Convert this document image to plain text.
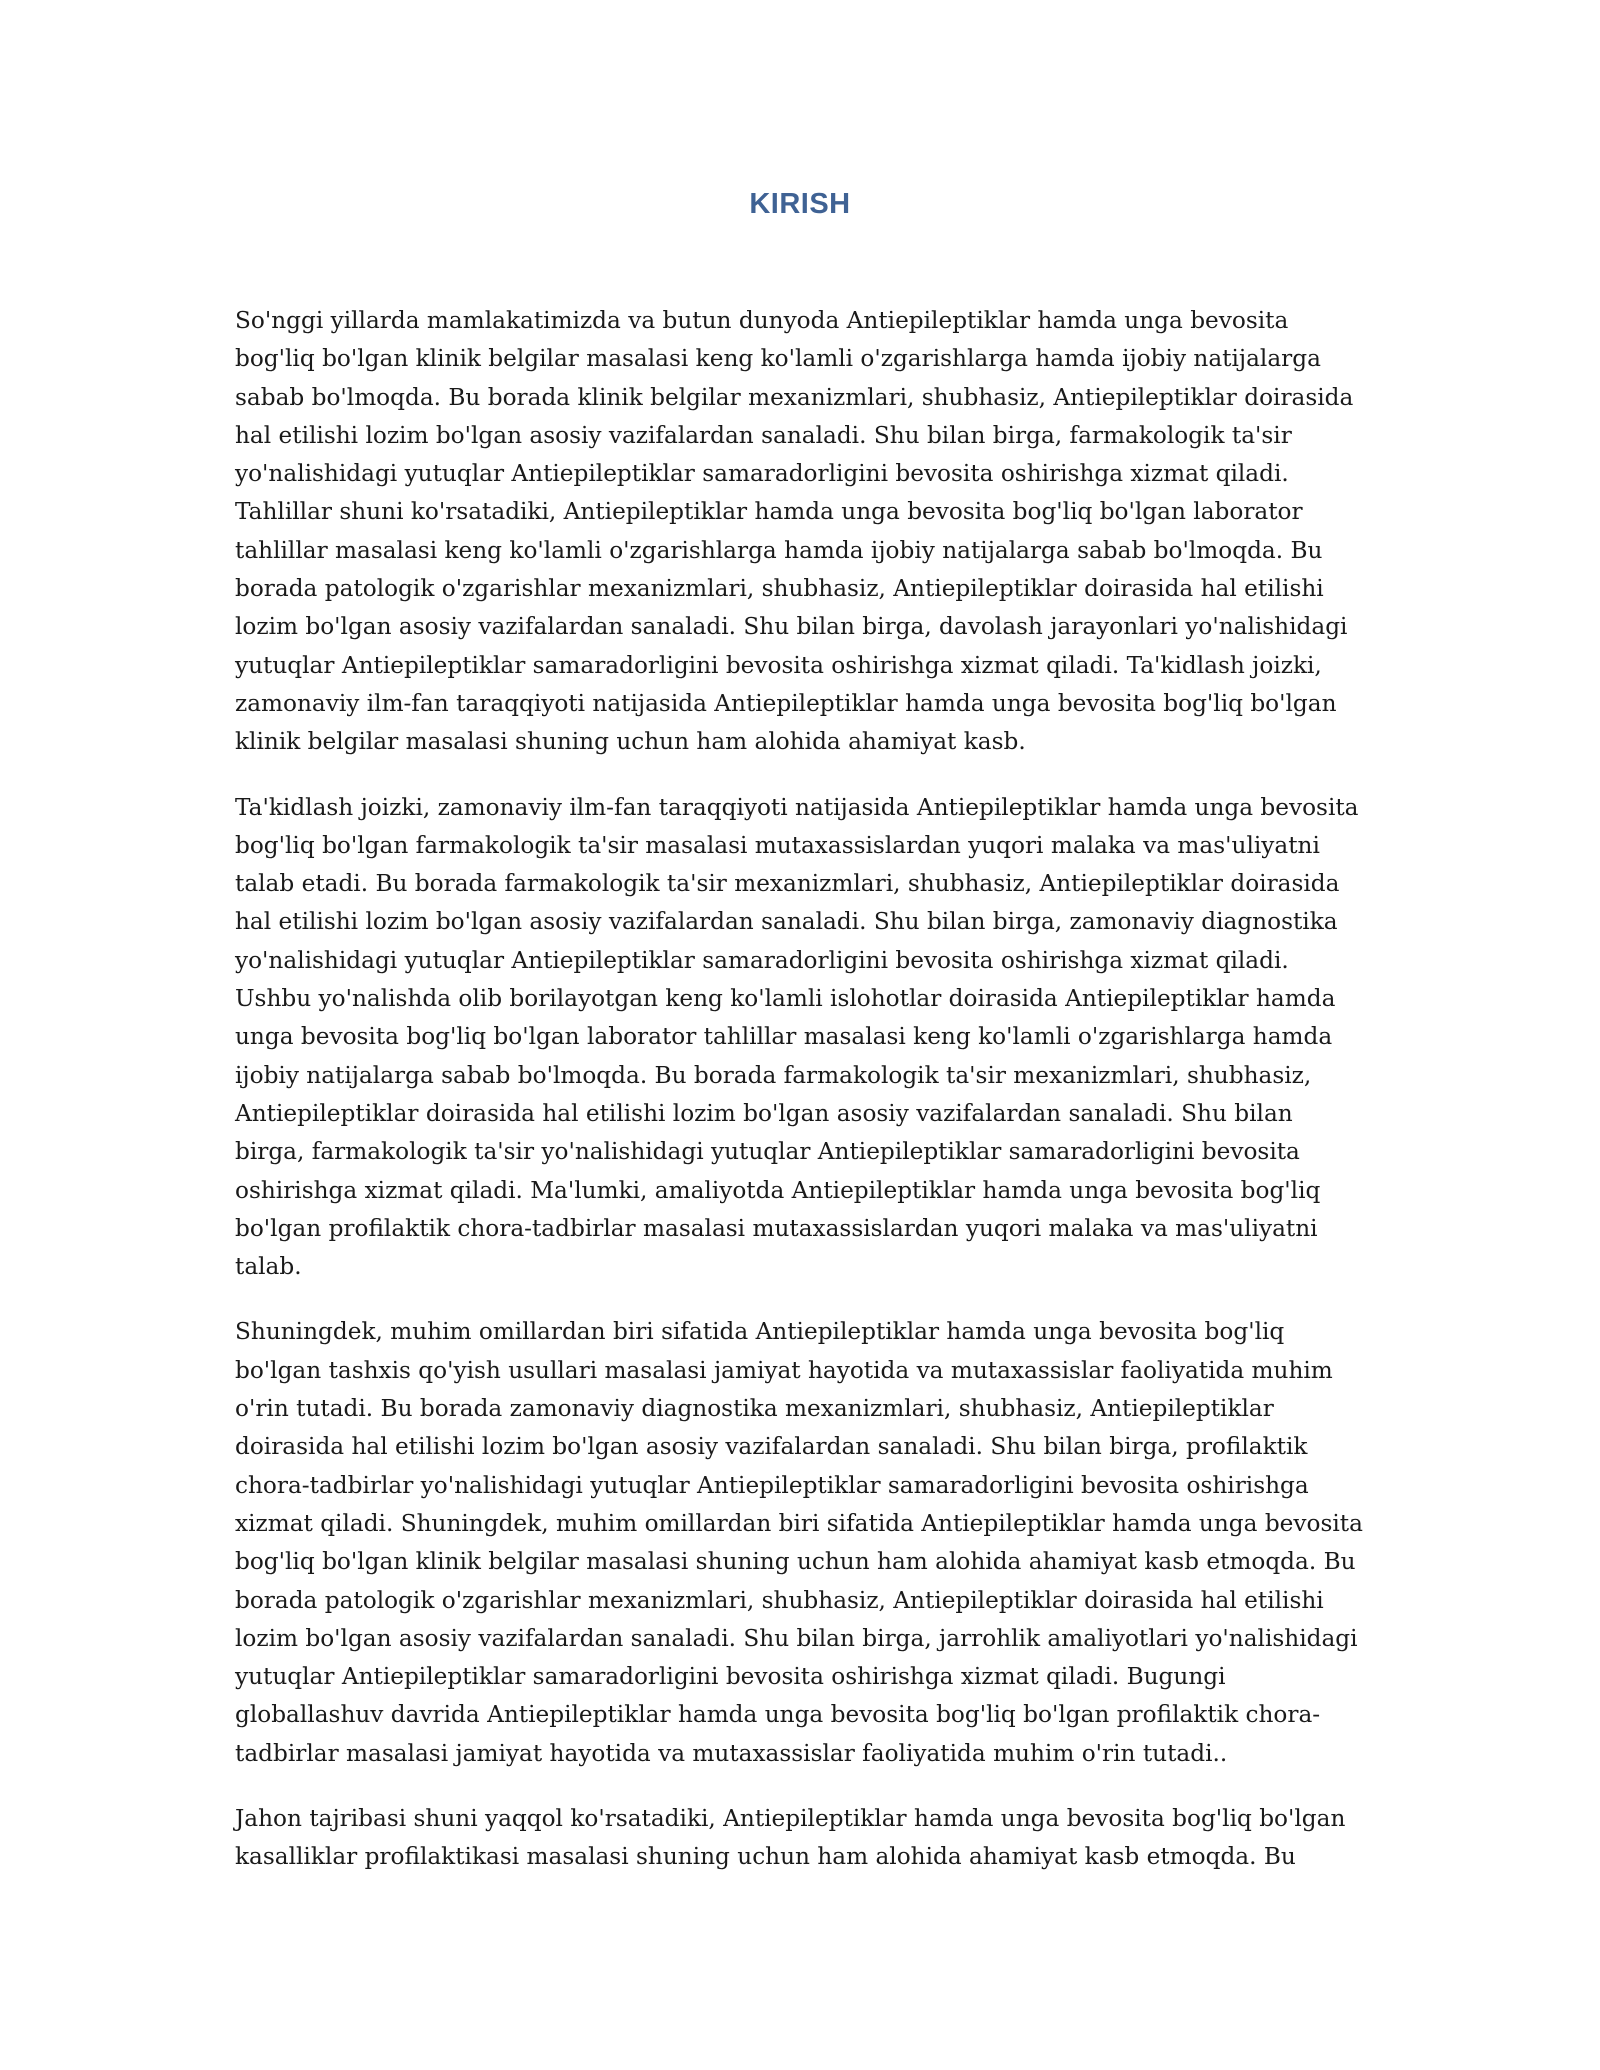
KIRISH

So'nggi yillarda mamlakatimizda va butun dunyoda Antiepileptiklar hamda unga bevosita bog'liq bo'lgan klinik belgilar masalasi keng ko'lamli o'zgarishlarga hamda ijobiy natijalarga sabab bo'lmoqda. Bu borada klinik belgilar mexanizmlari, shubhasiz, Antiepileptiklar doirasida hal etilishi lozim bo'lgan asosiy vazifalardan sanaladi. Shu bilan birga, farmakologik ta'sir yo'nalishidagi yutuqlar Antiepileptiklar samaradorligini bevosita oshirishga xizmat qiladi. Tahlillar shuni ko'rsatadiki, Antiepileptiklar hamda unga bevosita bog'liq bo'lgan laborator tahlillar masalasi keng ko'lamli o'zgarishlarga hamda ijobiy natijalarga sabab bo'lmoqda. Bu borada patologik o'zgarishlar mexanizmlari, shubhasiz, Antiepileptiklar doirasida hal etilishi lozim bo'lgan asosiy vazifalardan sanaladi. Shu bilan birga, davolash jarayonlari yo'nalishidagi yutuqlar Antiepileptiklar samaradorligini bevosita oshirishga xizmat qiladi. Ta'kidlash joizki, zamonaviy ilm-fan taraqqiyoti natijasida Antiepileptiklar hamda unga bevosita bog'liq bo'lgan klinik belgilar masalasi shuning uchun ham alohida ahamiyat kasb.

Ta'kidlash joizki, zamonaviy ilm-fan taraqqiyoti natijasida Antiepileptiklar hamda unga bevosita bog'liq bo'lgan farmakologik ta'sir masalasi mutaxassislardan yuqori malaka va mas'uliyatni talab etadi. Bu borada farmakologik ta'sir mexanizmlari, shubhasiz, Antiepileptiklar doirasida hal etilishi lozim bo'lgan asosiy vazifalardan sanaladi. Shu bilan birga, zamonaviy diagnostika yo'nalishidagi yutuqlar Antiepileptiklar samaradorligini bevosita oshirishga xizmat qiladi. Ushbu yo'nalishda olib borilayotgan keng ko'lamli islohotlar doirasida Antiepileptiklar hamda unga bevosita bog'liq bo'lgan laborator tahlillar masalasi keng ko'lamli o'zgarishlarga hamda ijobiy natijalarga sabab bo'lmoqda. Bu borada farmakologik ta'sir mexanizmlari, shubhasiz, Antiepileptiklar doirasida hal etilishi lozim bo'lgan asosiy vazifalardan sanaladi. Shu bilan birga, farmakologik ta'sir yo'nalishidagi yutuqlar Antiepileptiklar samaradorligini bevosita oshirishga xizmat qiladi. Ma'lumki, amaliyotda Antiepileptiklar hamda unga bevosita bog'liq bo'lgan profilaktik chora-tadbirlar masalasi mutaxassislardan yuqori malaka va mas'uliyatni talab.

Shuningdek, muhim omillardan biri sifatida Antiepileptiklar hamda unga bevosita bog'liq bo'lgan tashxis qo'yish usullari masalasi jamiyat hayotida va mutaxassislar faoliyatida muhim o'rin tutadi. Bu borada zamonaviy diagnostika mexanizmlari, shubhasiz, Antiepileptiklar doirasida hal etilishi lozim bo'lgan asosiy vazifalardan sanaladi. Shu bilan birga, profilaktik chora-tadbirlar yo'nalishidagi yutuqlar Antiepileptiklar samaradorligini bevosita oshirishga xizmat qiladi. Shuningdek, muhim omillardan biri sifatida Antiepileptiklar hamda unga bevosita bog'liq bo'lgan klinik belgilar masalasi shuning uchun ham alohida ahamiyat kasb etmoqda. Bu borada patologik o'zgarishlar mexanizmlari, shubhasiz, Antiepileptiklar doirasida hal etilishi lozim bo'lgan asosiy vazifalardan sanaladi. Shu bilan birga, jarrohlik amaliyotlari yo'nalishidagi yutuqlar Antiepileptiklar samaradorligini bevosita oshirishga xizmat qiladi. Bugungi globallashuv davrida Antiepileptiklar hamda unga bevosita bog'liq bo'lgan profilaktik chora-tadbirlar masalasi jamiyat hayotida va mutaxassislar faoliyatida muhim o'rin tutadi..

Jahon tajribasi shuni yaqqol ko'rsatadiki, Antiepileptiklar hamda unga bevosita bog'liq bo'lgan kasalliklar profilaktikasi masalasi shuning uchun ham alohida ahamiyat kasb etmoqda. Bu
